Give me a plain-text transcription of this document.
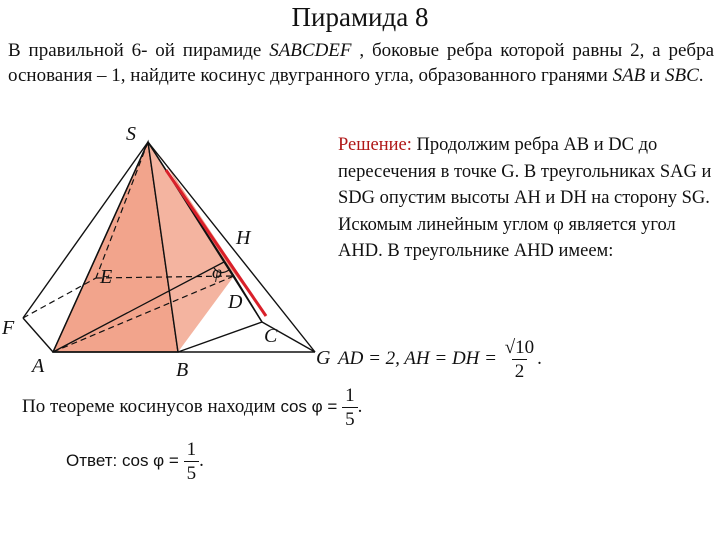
Пирамида 8
В правильной 6- ой пирамиде SABCDEF , боковые ребра которой равны 2, а ребра основания – 1, найдите косинус двугранного угла, образованного гранями SAB и SBC.
S
H
φ
E
D
F	C
A	B
G
Решение: Продолжим ребра AB и DC до пересечения в точке G. В треугольниках SAG и SDG опустим высоты AH и DH на сторону SG. Искомым линейным углом φ является угол AHD. В треугольнике AHD имеем:
AD = 2, AH = DH = $\frac{√10}{2}$ .
По теореме косинусов находим $\cos \varphi = \frac{1}{5}$ .
Ответ: $\cos \varphi = \frac{1}{5}$ .
